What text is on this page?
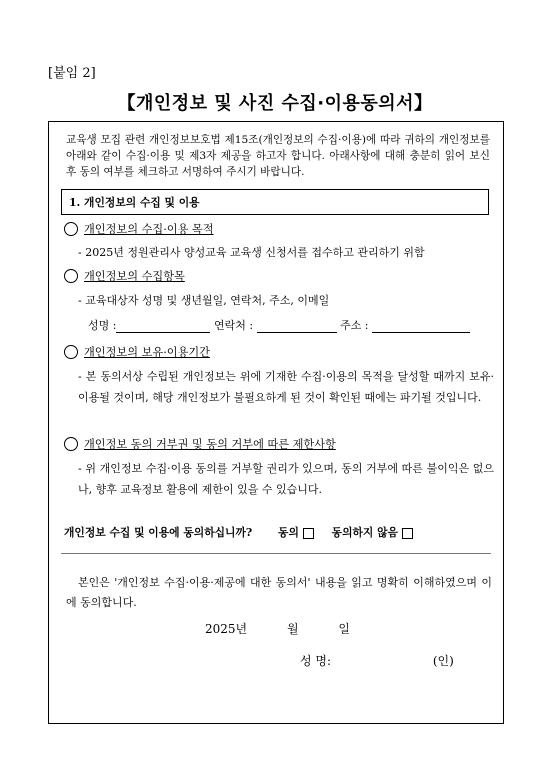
[붙임 2]
【개인정보 및 사진 수집·이용동의서】
교육생 모집 관련 개인정보보호법 제15조(개인정보의 수집·이용)에 따라 귀하의 개인정보를 아래와 같이 수집·이용 및 제3자 제공을 하고자 합니다. 아래사항에 대해 충분히 읽어 보신 후 동의 여부를 체크하고 서명하여 주시기 바랍니다.
1. 개인정보의 수집 및 이용
개인정보의 수집·이용 목적
- 2025년 정원관리사 양성교육 교육생 신청서를 접수하고 관리하기 위함
개인정보의 수집항목
- 교육대상자 성명 및 생년월일, 연락처, 주소, 이메일
성명 :	연락처 :	주소 :
개인정보의 보유·이용기간
- 본 동의서상 수립된 개인정보는 위에 기재한 수집·이용의 목적을 달성할 때까지 보유·이용될 것이며, 해당 개인정보가 불필요하게 된 것이 확인된 때에는 파기될 것입니다.
개인정보 동의 거부권 및 동의 거부에 따른 제한사항
- 위 개인정보 수집·이용 동의를 거부할 권리가 있으며, 동의 거부에 따른 불이익은 없으나, 향후 교육정보 활용에 제한이 있을 수 있습니다.
개인정보 수집 및 이용에 동의하십니까? 동의	동의하지 않음
본인은 '개인정보 수집·이용·제공에 대한 동의서' 내용을 읽고 명확히 이해하였으며 이에 동의합니다.
2025년	월	일
성 명:	(인)
